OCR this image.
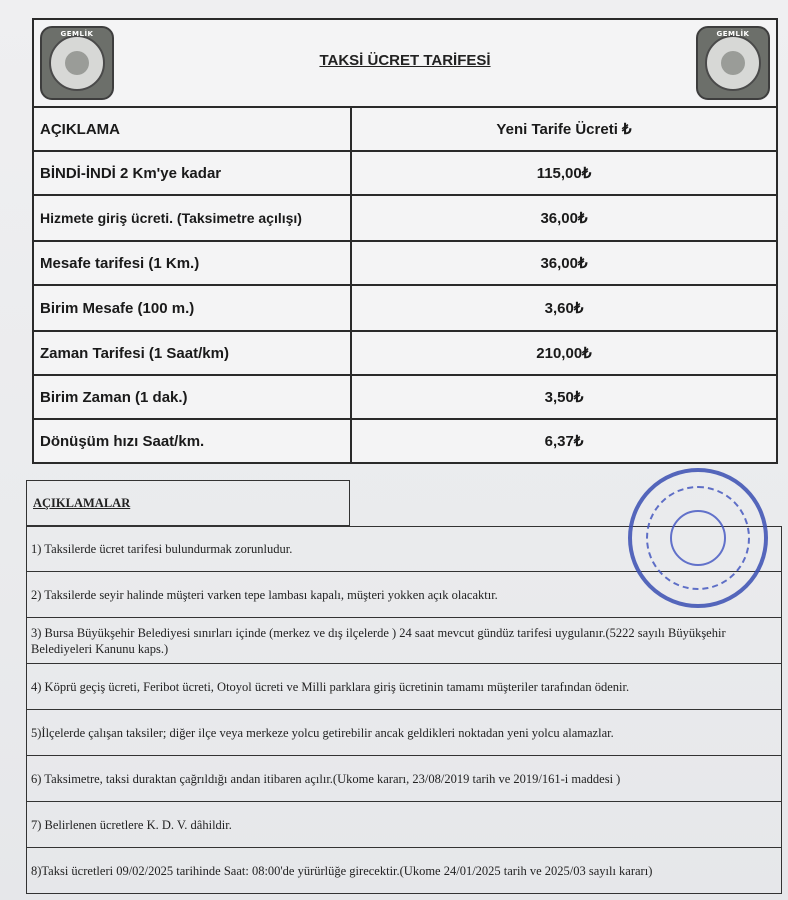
GEMLİK
TAKSİ ÜCRET TARİFESİ
GEMLİK
AÇIKLAMA	Yeni Tarife Ücreti ₺
BİNDİ-İNDİ 2 Km'ye kadar	115,00₺
Hizmete giriş ücreti. (Taksimetre açılışı)	36,00₺
Mesafe tarifesi (1 Km.)	36,00₺
Birim Mesafe (100 m.)	3,60₺
Zaman Tarifesi (1 Saat/km)	210,00₺
Birim Zaman (1 dak.)	3,50₺
Dönüşüm hızı Saat/km.	6,37₺
AÇIKLAMALAR
1) Taksilerde ücret tarifesi bulundurmak zorunludur.
2) Taksilerde seyir halinde müşteri varken tepe lambası kapalı, müşteri yokken açık olacaktır.
3) Bursa Büyükşehir Belediyesi sınırları içinde (merkez ve dış ilçelerde ) 24 saat mevcut gündüz tarifesi uygulanır.(5222 sayılı Büyükşehir Belediyeleri Kanunu kaps.)
4) Köprü geçiş ücreti, Feribot ücreti, Otoyol ücreti ve Milli parklara giriş ücretinin tamamı müşteriler tarafından ödenir.
5)İlçelerde çalışan taksiler; diğer ilçe veya merkeze yolcu getirebilir ancak geldikleri noktadan yeni yolcu alamazlar.
6) Taksimetre, taksi duraktan çağrıldığı andan itibaren açılır.(Ukome kararı, 23/08/2019 tarih ve 2019/161-i maddesi )
7) Belirlenen ücretlere K. D. V. dâhildir.
8)Taksi ücretleri 09/02/2025 tarihinde Saat: 08:00'de yürürlüğe girecektir.(Ukome 24/01/2025 tarih ve 2025/03 sayılı kararı)
